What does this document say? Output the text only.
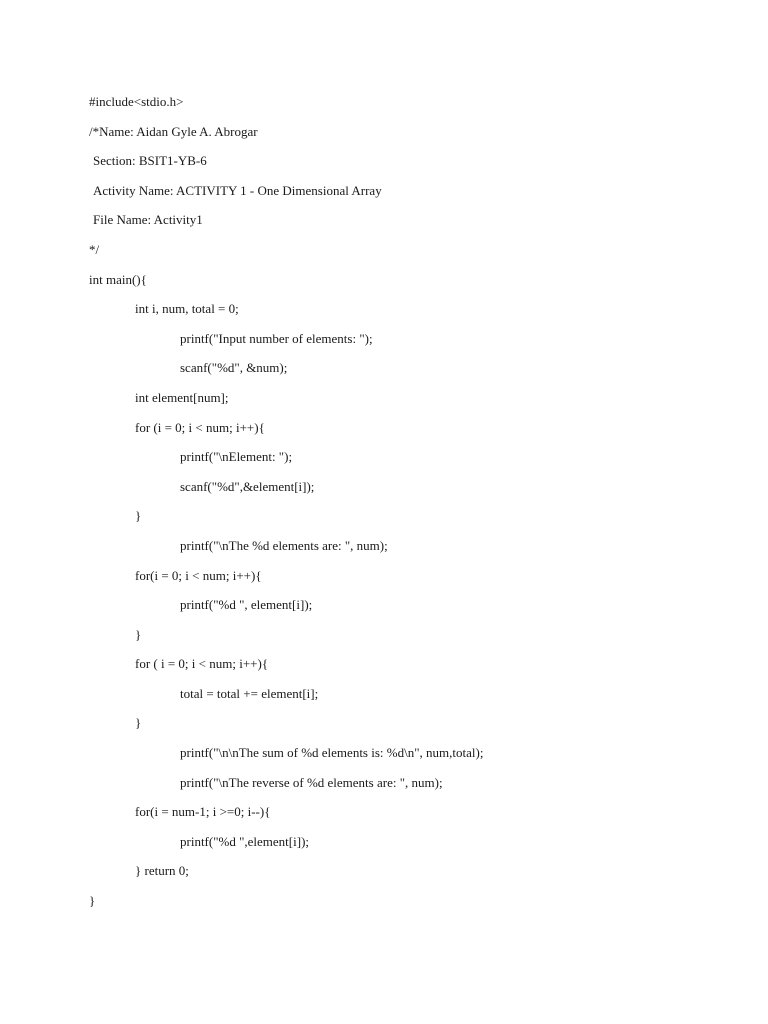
#include<stdio.h>
/*Name: Aidan Gyle A. Abrogar
Section: BSIT1-YB-6
Activity Name: ACTIVITY 1 - One Dimensional Array
File Name: Activity1
*/
int main(){
int i, num, total = 0;
printf("Input number of elements: ");
scanf("%d", &num);
int element[num];
for (i = 0; i < num; i++){
printf("\nElement: ");
scanf("%d",&element[i]);
}
printf("\nThe %d elements are: ", num);
for(i = 0; i < num; i++){
printf("%d ", element[i]);
}
for ( i = 0; i < num; i++){
total = total += element[i];
}
printf("\n\nThe sum of %d elements is: %d\n", num,total);
printf("\nThe reverse of %d elements are: ", num);
for(i = num-1; i >=0; i--){
printf("%d ",element[i]);
} return 0;
}
